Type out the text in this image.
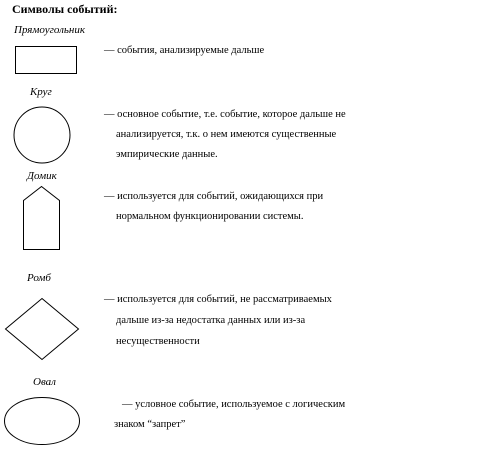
Символы событий:
Прямоугольник
— события, анализируемые дальше
Круг
— основное событие, т.е. событие, которое дальше не
анализируется, т.к. о нем имеются существенные
эмпирические данные.
Домик
— используется для событий, ожидающихся при
нормальном функционировании системы.
Ромб
— используется для событий, не рассматриваемых
дальше из-за недостатка данных или из-за
несущественности
Овал
— условное событие, используемое с логическим
знаком “запрет”
